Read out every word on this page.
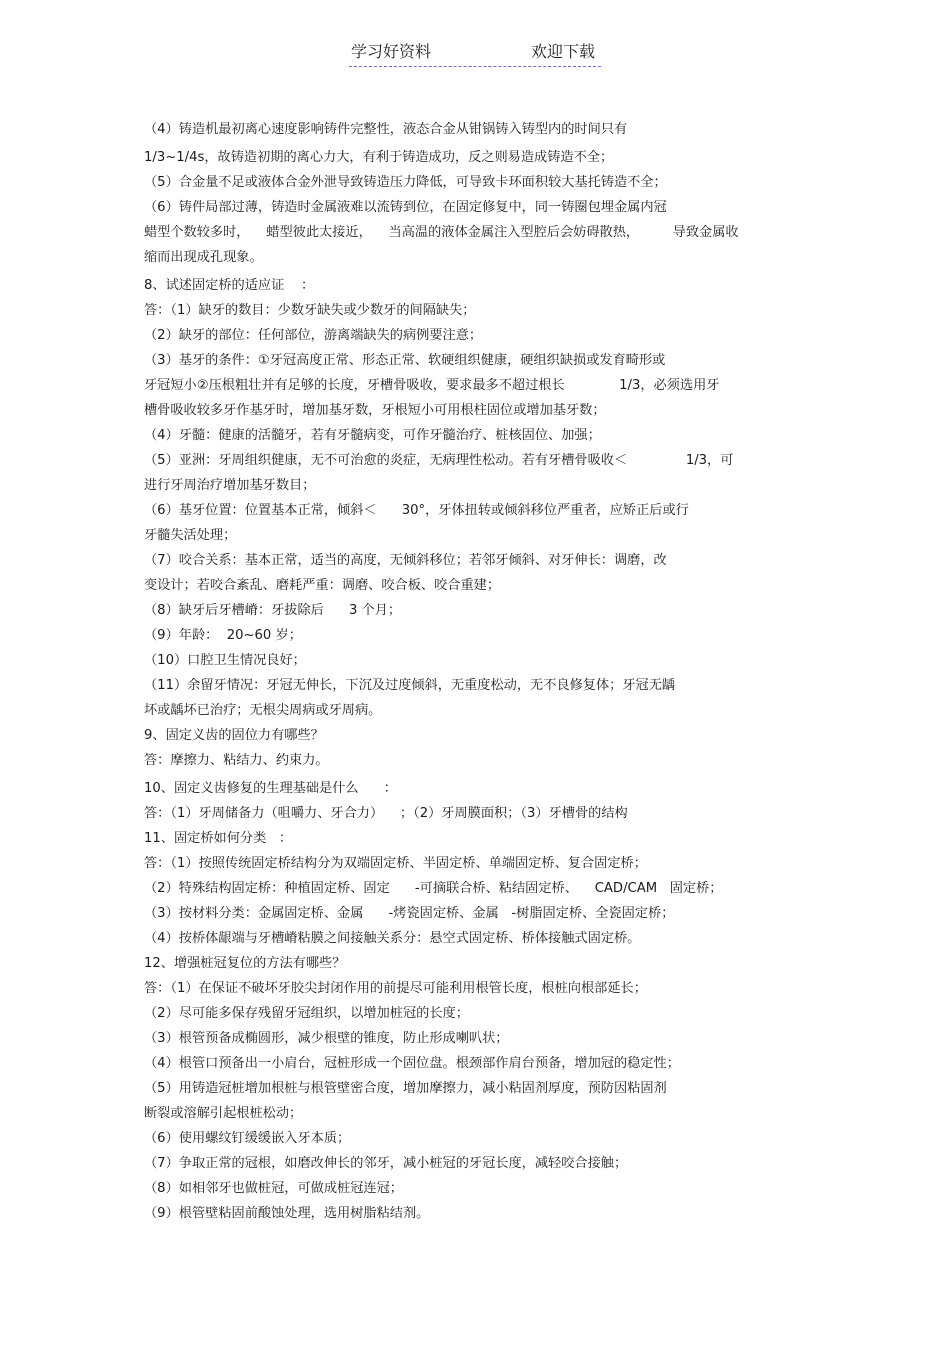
学习好资料	欢迎下载
（4）铸造机最初离心速度影响铸件完整性，液态合金从钳锅铸入铸型内的时间只有
1/3~1/4s，故铸造初期的离心力大，有利于铸造成功，反之则易造成铸造不全；
（5）合金量不足或液体合金外泄导致铸造压力降低，可导致卡环面积较大基托铸造不全；
（6）铸件局部过薄，铸造时金属液难以流铸到位，在固定修复中，同一铸圈包埋金属内冠
蜡型个数较多时，    蜡型彼此太接近，    当高温的液体金属注入型腔后会妨碍散热，        导致金属收
缩而出现成孔现象。
8、试述固定桥的适应证    ：
答：（1）缺牙的数目：少数牙缺失或少数牙的间隔缺失；
（2）缺牙的部位：任何部位，游离端缺失的病例要注意；
（3）基牙的条件：①牙冠高度正常、形态正常、软硬组织健康，硬组织缺损或发育畸形或
牙冠短小②压根粗壮并有足够的长度，牙槽骨吸收，要求最多不超过根长             1/3，必须选用牙
槽骨吸收较多牙作基牙时，增加基牙数，牙根短小可用根柱固位或增加基牙数；
（4）牙髓：健康的活髓牙，若有牙髓病变，可作牙髓治疗、桩核固位、加强；
（5）亚洲：牙周组织健康，无不可治愈的炎症，无病理性松动。若有牙槽骨吸收＜              1/3，可
进行牙周治疗增加基牙数目；
（6）基牙位置：位置基本正常，倾斜＜      30°，牙体扭转或倾斜移位严重者，应矫正后或行
牙髓失活处理；
（7）咬合关系：基本正常，适当的高度，无倾斜移位；若邻牙倾斜、对牙伸长：调磨，改
变设计；若咬合紊乱、磨耗严重：调磨、咬合板、咬合重建；
（8）缺牙后牙槽嵴：牙拔除后      3 个月；
（9）年龄：  20~60 岁；
（10）口腔卫生情况良好；
（11）余留牙情况：牙冠无伸长，下沉及过度倾斜，无重度松动，无不良修复体；牙冠无龋
坏或龋坏已治疗；无根尖周病或牙周病。
9、固定义齿的固位力有哪些？
答：摩擦力、粘结力、约束力。
10、固定义齿修复的生理基础是什么      ：
答：（1）牙周储备力（咀嚼力、牙合力）    ；（2）牙周膜面积；（3）牙槽骨的结构
11、固定桥如何分类   ：
答：（1）按照传统固定桥结构分为双端固定桥、半固定桥、单端固定桥、复合固定桥；
（2）特殊结构固定桥：种植固定桥、固定      -可摘联合桥、粘结固定桥、    CAD/CAM   固定桥；
（3）按材料分类：金属固定桥、金属      -烤瓷固定桥、金属   -树脂固定桥、全瓷固定桥；
（4）按桥体龈端与牙槽嵴粘膜之间接触关系分：悬空式固定桥、桥体接触式固定桥。
12、增强桩冠复位的方法有哪些？
答：（1）在保证不破坏牙胶尖封闭作用的前提尽可能利用根管长度，根桩向根部延长；
（2）尽可能多保存残留牙冠组织，以增加桩冠的长度；
（3）根管预备成椭圆形，减少根壁的锥度，防止形成喇叭状；
（4）根管口预备出一小肩台，冠桩形成一个固位盘。根颈部作肩台预备，增加冠的稳定性；
（5）用铸造冠桩增加根桩与根管壁密合度，增加摩擦力，减小粘固剂厚度，预防因粘固剂
断裂或溶解引起根桩松动；
（6）使用螺纹钉缓缓嵌入牙本质；
（7）争取正常的冠根，如磨改伸长的邻牙，减小桩冠的牙冠长度，减轻咬合接触；
（8）如相邻牙也做桩冠，可做成桩冠连冠；
（9）根管壁粘固前酸蚀处理，选用树脂粘结剂。
